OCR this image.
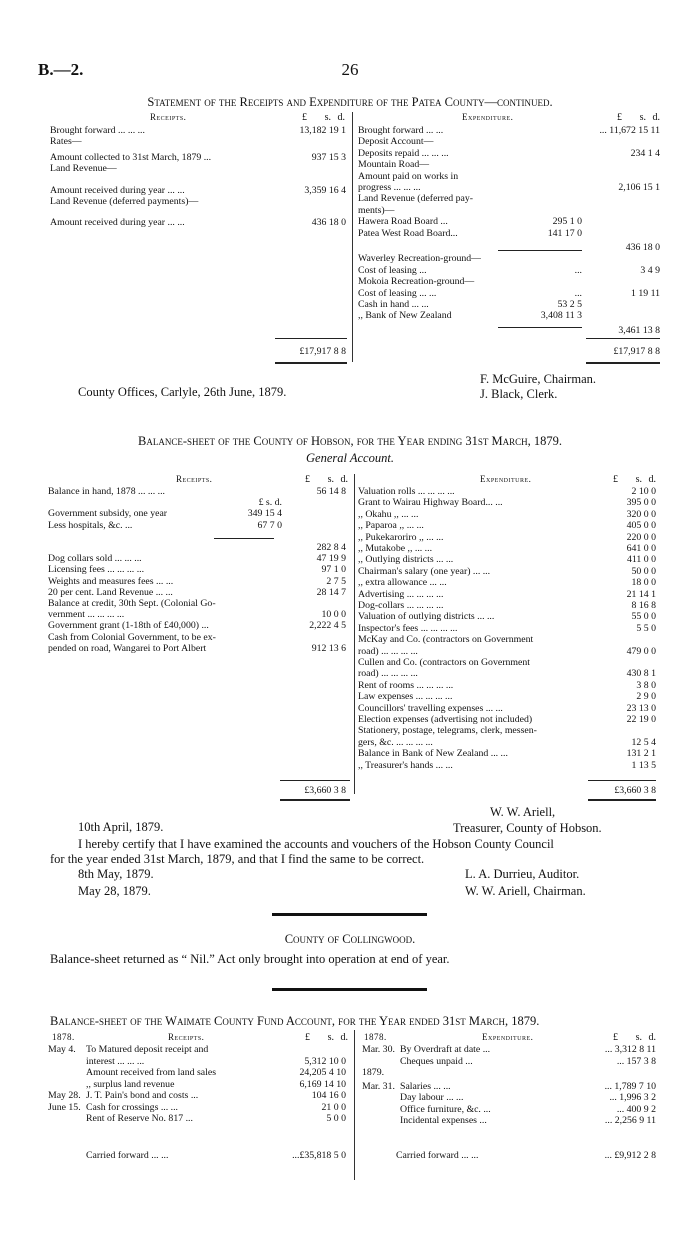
B.—2.	26
Statement of the Receipts and Expenditure of the Patea County—continued.
Receipts.	Expenditure.
£	s. d.	£	s. d.
Brought forward ... ... ...	13,182 19 1
Rates—
Amount collected to 31st March, 1879 ...	937 15 3
Land Revenue—
Amount received during year ... ...	3,359 16 4
Land Revenue (deferred payments)—
Amount received during year ... ...	436 18 0
£17,917 8 8
Brought forward ... ...	... 11,672 15 11
Deposit Account—
Deposits repaid ... ... ...	234 1 4
Mountain Road—
Amount paid on works in
progress ... ... ...	2,106 15 1
Land Revenue (deferred pay-
ments)—
Hawera Road Board ...	295 1 0
Patea West Road Board...	141 17 0
436 18 0
Waverley Recreation-ground—
Cost of leasing ...	...	3 4 9
Mokoia Recreation-ground—
Cost of leasing ... ...	...	1 19 11
Cash in hand ... ...	53 2 5
,, Bank of New Zealand	3,408 11 3
3,461 13 8
£17,917 8 8
County Offices, Carlyle, 26th June, 1879.
F. McGuire, Chairman.
J. Black, Clerk.
Balance-sheet of the County of Hobson, for the Year ending 31st March, 1879.
General Account.
Receipts.	Expenditure.
£	s. d.	£	s. d.
Balance in hand, 1878 ... ... ...	56 14 8
£ s. d.
Government subsidy, one year	349 15 4
Less hospitals, &c. ...	67 7 0
282 8 4
Dog collars sold ... ... ...	47 19 9
Licensing fees ... ... ... ...	97 1 0
Weights and measures fees ... ...	2 7 5
20 per cent. Land Revenue ... ...	28 14 7
Balance at credit, 30th Sept. (Colonial Go-
vernment ... ... ... ...	10 0 0
Government grant (1-18th of £40,000) ...	2,222 4 5
Cash from Colonial Government, to be ex-
pended on road, Wangarei to Port Albert	912 13 6
£3,660 3 8
Valuation rolls ... ... ... ...	2 10 0
Grant to Wairau Highway Board... ...	395 0 0
,, Okahu ,, ... ...	320 0 0
,, Paparoa ,, ... ...	405 0 0
,, Pukekaroriro ,, ... ...	220 0 0
,, Mutakobe ,, ... ...	641 0 0
,, Outlying districts ... ...	411 0 0
Chairman's salary (one year) ... ...	50 0 0
,, extra allowance ... ...	18 0 0
Advertising ... ... ... ...	21 14 1
Dog-collars ... ... ... ...	8 16 8
Valuation of outlying districts ... ...	55 0 0
Inspector's fees ... ... ... ...	5 5 0
McKay and Co. (contractors on Government
road) ... ... ... ...	479 0 0
Cullen and Co. (contractors on Government
road) ... ... ... ...	430 8 1
Rent of rooms ... ... ... ...	3 8 0
Law expenses ... ... ... ...	2 9 0
Councillors' travelling expenses ... ...	23 13 0
Election expenses (advertising not included)	22 19 0
Stationery, postage, telegrams, clerk, messen-
gers, &c. ... ... ... ...	12 5 4
Balance in Bank of New Zealand ... ...	131 2 1
,, Treasurer's hands ... ...	1 13 5
£3,660 3 8
W. W. Ariell,
Treasurer, County of Hobson.
10th April, 1879.
I hereby certify that I have examined the accounts and vouchers of the Hobson County Council
for the year ended 31st March, 1879, and that I find the same to be correct.
8th May, 1879.	L. A. Durrieu, Auditor.
May 28, 1879.	W. W. Ariell, Chairman.
County of Collingwood.
Balance-sheet returned as “ Nil.” Act only brought into operation at end of year.
Balance-sheet of the Waimate County Fund Account, for the Year ended 31st March, 1879.
1878.	Receipts.	1878.	Expenditure.
£	s. d.	£	s. d.
May 4. To Matured deposit receipt and
interest ... ... ...	5,312 10 0
Amount received from land sales	24,205 4 10
,, surplus land revenue	6,169 14 10
May 28. J. T. Pain's bond and costs ...	104 16 0
June 15. Cash for crossings ... ...	21 0 0
Rent of Reserve No. 817 ...	5 0 0
Carried forward ... ...	...£35,818 5 0
Mar. 30. By Overdraft at date ...	... 3,312 8 11
Cheques unpaid ...	... 157 3 8
1879.
Mar. 31. Salaries ... ...	... 1,789 7 10
Day labour ... ...	... 1,996 3 2
Office furniture, &c. ...	... 400 9 2
Incidental expenses ...	... 2,256 9 11
Carried forward ... ...	... £9,912 2 8
